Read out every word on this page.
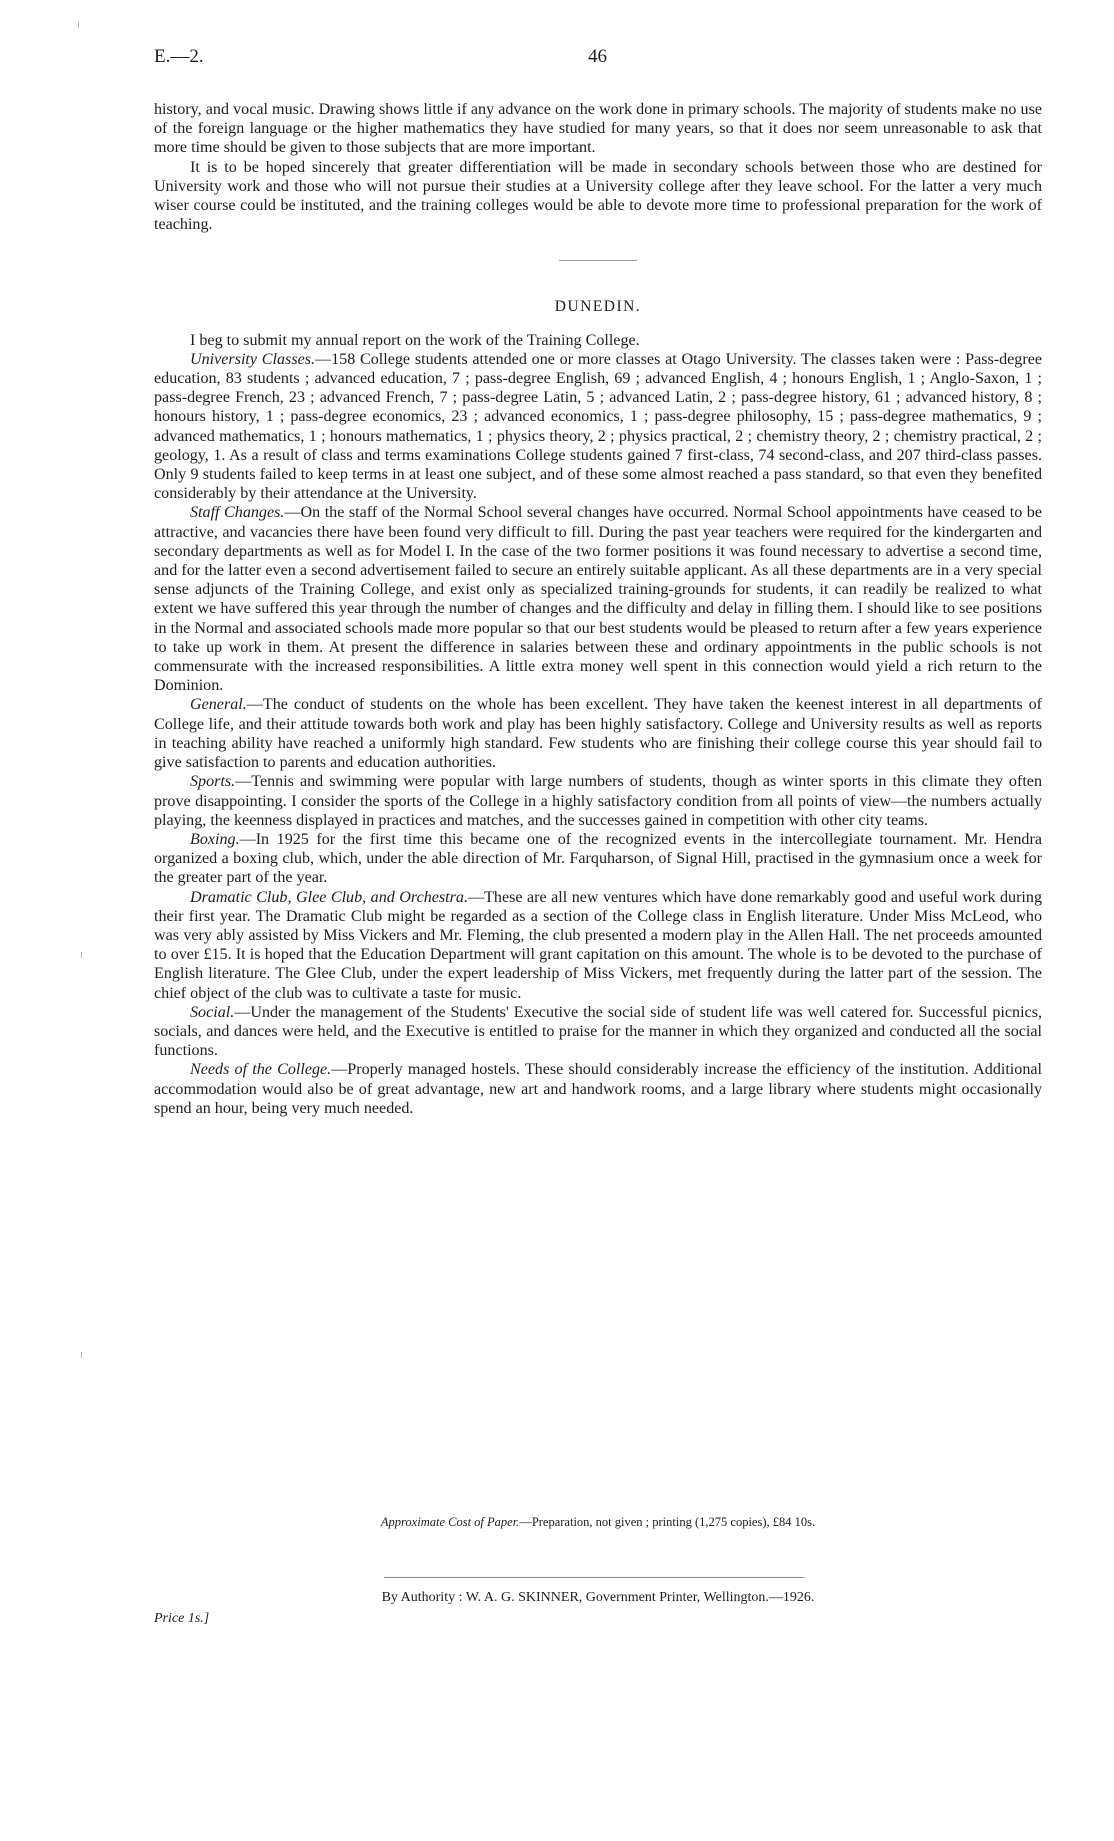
E.—2.	46

history, and vocal music. Drawing shows little if any advance on the work done in primary schools. The majority of students make no use of the foreign language or the higher mathematics they have studied for many years, so that it does nor seem unreasonable to ask that more time should be given to those subjects that are more important.

It is to be hoped sincerely that greater differentiation will be made in secondary schools between those who are destined for University work and those who will not pursue their studies at a University college after they leave school. For the latter a very much wiser course could be instituted, and the training colleges would be able to devote more time to professional preparation for the work of teaching.

DUNEDIN.

I beg to submit my annual report on the work of the Training College.

University Classes.—158 College students attended one or more classes at Otago University. The classes taken were : Pass-degree education, 83 students ; advanced education, 7 ; pass-degree English, 69 ; advanced English, 4 ; honours English, 1 ; Anglo-Saxon, 1 ; pass-degree French, 23 ; advanced French, 7 ; pass-degree Latin, 5 ; advanced Latin, 2 ; pass-degree history, 61 ; advanced history, 8 ; honours history, 1 ; pass-degree economics, 23 ; advanced economics, 1 ; pass-degree philosophy, 15 ; pass-degree mathematics, 9 ; advanced mathematics, 1 ; honours mathematics, 1 ; physics theory, 2 ; physics practical, 2 ; chemistry theory, 2 ; chemistry practical, 2 ; geology, 1. As a result of class and terms examinations College students gained 7 first-class, 74 second-class, and 207 third-class passes. Only 9 students failed to keep terms in at least one subject, and of these some almost reached a pass standard, so that even they benefited considerably by their attendance at the University.

Staff Changes.—On the staff of the Normal School several changes have occurred. Normal School appointments have ceased to be attractive, and vacancies there have been found very difficult to fill. During the past year teachers were required for the kindergarten and secondary departments as well as for Model I. In the case of the two former positions it was found necessary to advertise a second time, and for the latter even a second advertisement failed to secure an entirely suitable applicant. As all these departments are in a very special sense adjuncts of the Training College, and exist only as specialized training-grounds for students, it can readily be realized to what extent we have suffered this year through the number of changes and the difficulty and delay in filling them. I should like to see positions in the Normal and associated schools made more popular so that our best students would be pleased to return after a few years experience to take up work in them. At present the difference in salaries between these and ordinary appointments in the public schools is not commensurate with the increased responsibilities. A little extra money well spent in this connection would yield a rich return to the Dominion.

General.—The conduct of students on the whole has been excellent. They have taken the keenest interest in all departments of College life, and their attitude towards both work and play has been highly satisfactory. College and University results as well as reports in teaching ability have reached a uniformly high standard. Few students who are finishing their college course this year should fail to give satisfaction to parents and education authorities.

Sports.—Tennis and swimming were popular with large numbers of students, though as winter sports in this climate they often prove disappointing. I consider the sports of the College in a highly satisfactory condition from all points of view—the numbers actually playing, the keenness displayed in practices and matches, and the successes gained in competition with other city teams.

Boxing.—In 1925 for the first time this became one of the recognized events in the intercollegiate tournament. Mr. Hendra organized a boxing club, which, under the able direction of Mr. Farquharson, of Signal Hill, practised in the gymnasium once a week for the greater part of the year.

Dramatic Club, Glee Club, and Orchestra.—These are all new ventures which have done remarkably good and useful work during their first year. The Dramatic Club might be regarded as a section of the College class in English literature. Under Miss McLeod, who was very ably assisted by Miss Vickers and Mr. Fleming, the club presented a modern play in the Allen Hall. The net proceeds amounted to over £15. It is hoped that the Education Department will grant capitation on this amount. The whole is to be devoted to the purchase of English literature. The Glee Club, under the expert leadership of Miss Vickers, met frequently during the latter part of the session. The chief object of the club was to cultivate a taste for music.

Social.—Under the management of the Students' Executive the social side of student life was well catered for. Successful picnics, socials, and dances were held, and the Executive is entitled to praise for the manner in which they organized and conducted all the social functions.

Needs of the College.—Properly managed hostels. These should considerably increase the efficiency of the institution. Additional accommodation would also be of great advantage, new art and handwork rooms, and a large library where students might occasionally spend an hour, being very much needed.

Approximate Cost of Paper.—Preparation, not given ; printing (1,275 copies), £84 10s.
By Authority : W. A. G. SKINNER, Government Printer, Wellington.—1926.
Price 1s.]
